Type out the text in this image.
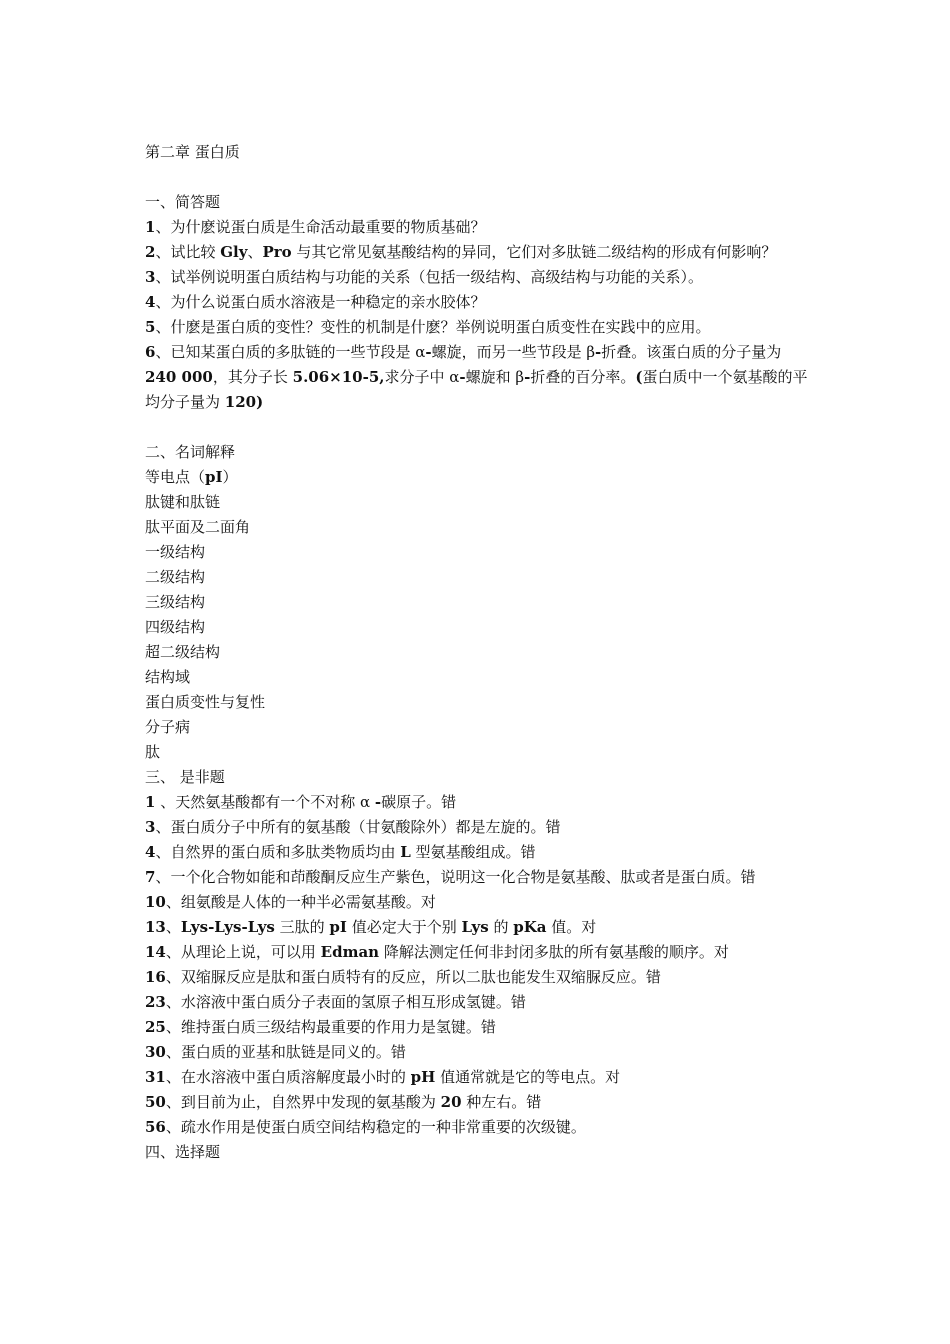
第二章 蛋白质
一、简答题
1、为什麽说蛋白质是生命活动最重要的物质基础？
2、试比较 Gly、Pro 与其它常见氨基酸结构的异同，它们对多肽链二级结构的形成有何影响？
3、试举例说明蛋白质结构与功能的关系（包括一级结构、高级结构与功能的关系）。
4、为什么说蛋白质水溶液是一种稳定的亲水胶体？
5、什麽是蛋白质的变性？变性的机制是什麽？举例说明蛋白质变性在实践中的应用。
6、已知某蛋白质的多肽链的一些节段是 α-螺旋，而另一些节段是 β-折叠。该蛋白质的分子量为 240 000，其分子长 5.06×10-5,求分子中 α-螺旋和 β-折叠的百分率。(蛋白质中一个氨基酸的平均分子量为 120)
二、名词解释
等电点（pI）
肽键和肽链
肽平面及二面角
一级结构
二级结构
三级结构
四级结构
超二级结构
结构域
蛋白质变性与复性
分子病
肽
三、 是非题
1 、天然氨基酸都有一个不对称 α -碳原子。错
3、蛋白质分子中所有的氨基酸（甘氨酸除外）都是左旋的。错
4、自然界的蛋白质和多肽类物质均由 L 型氨基酸组成。错
7、一个化合物如能和茚酸酮反应生产紫色，说明这一化合物是氨基酸、肽或者是蛋白质。错
10、组氨酸是人体的一种半必需氨基酸。对
13、Lys-Lys-Lys 三肽的 pI 值必定大于个别 Lys 的 pKa 值。对
14、从理论上说，可以用 Edman 降解法测定任何非封闭多肽的所有氨基酸的顺序。对
16、双缩脲反应是肽和蛋白质特有的反应，所以二肽也能发生双缩脲反应。错
23、水溶液中蛋白质分子表面的氢原子相互形成氢键。错
25、维持蛋白质三级结构最重要的作用力是氢键。错
30、蛋白质的亚基和肽链是同义的。错
31、在水溶液中蛋白质溶解度最小时的 pH 值通常就是它的等电点。对
50、到目前为止，自然界中发现的氨基酸为 20 种左右。错
56、疏水作用是使蛋白质空间结构稳定的一种非常重要的次级键。
四、选择题
